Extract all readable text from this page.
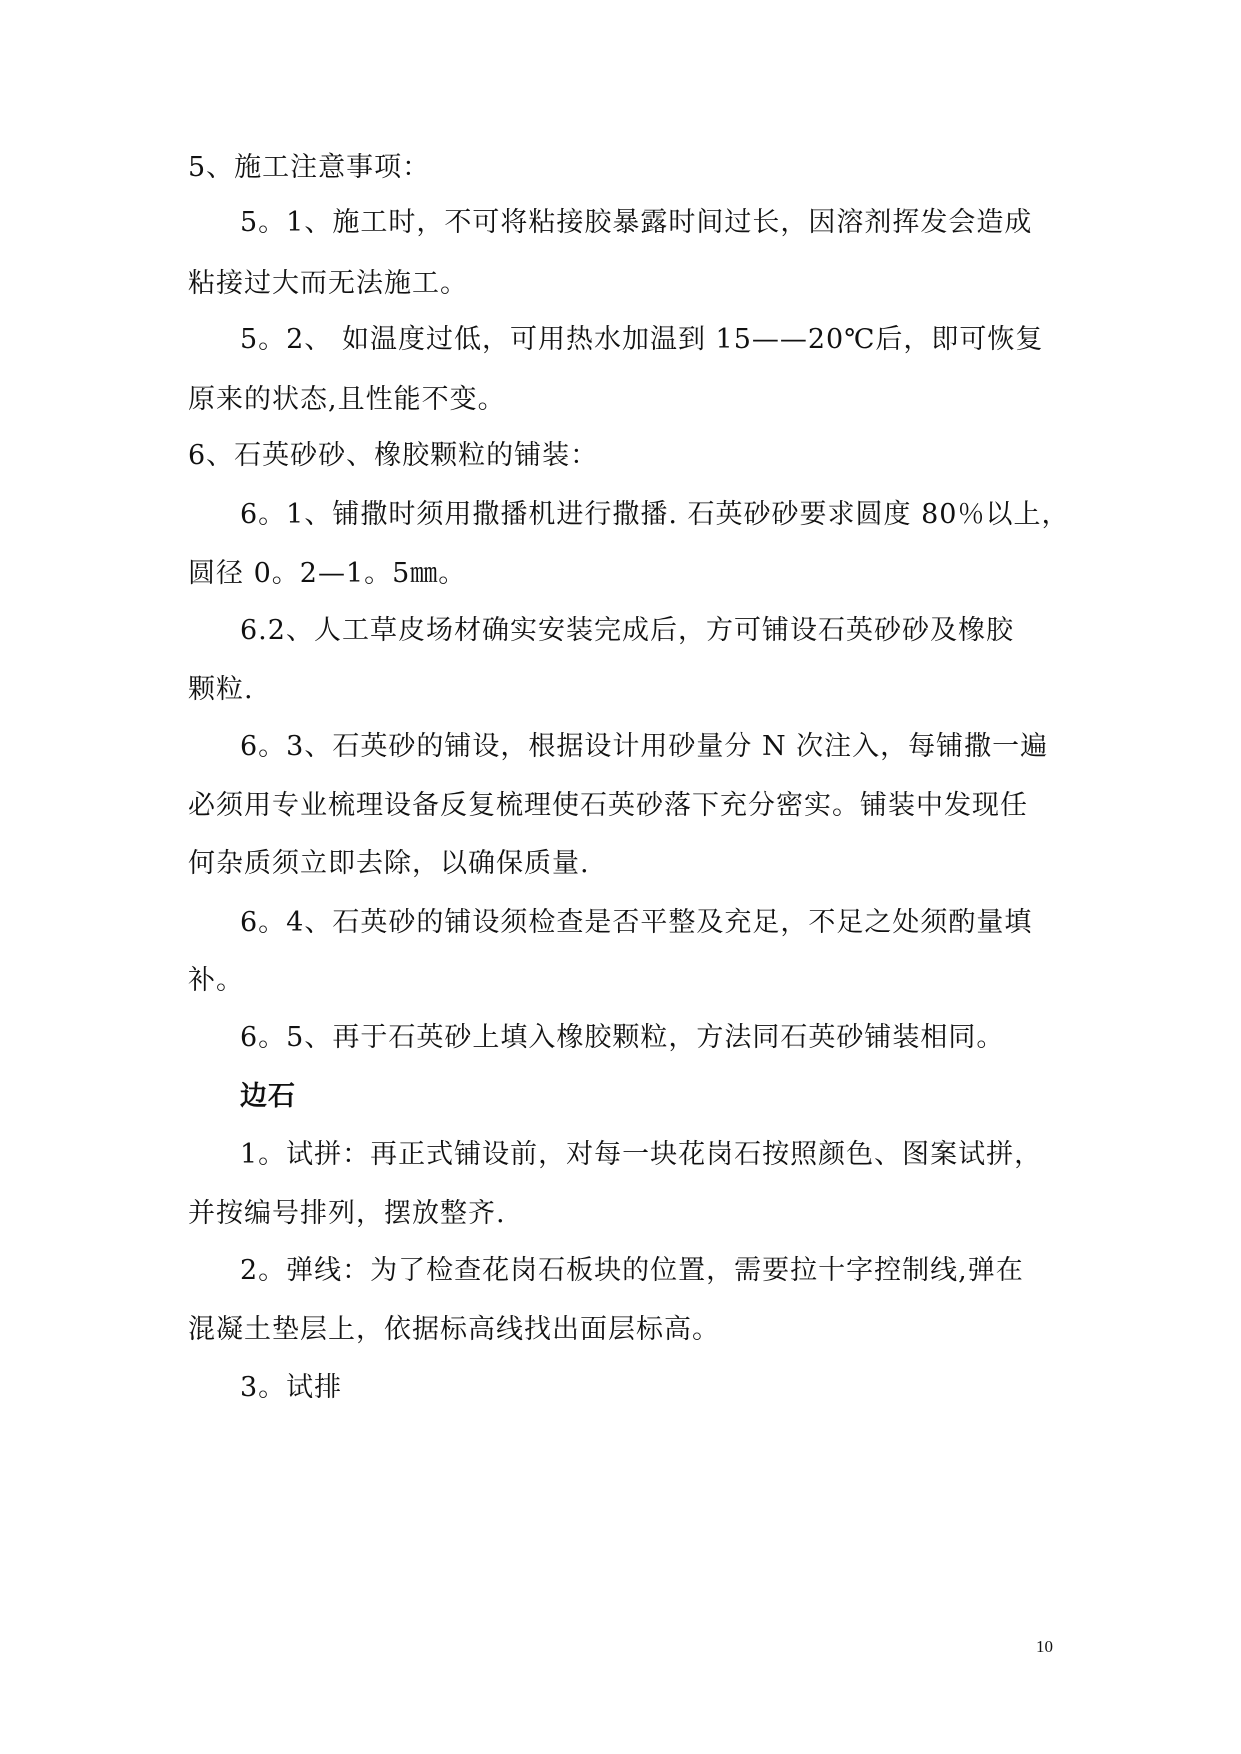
5、施工注意事项：
5。1、施工时，不可将粘接胶暴露时间过长，因溶剂挥发会造成
粘接过大而无法施工。
5。2、 如温度过低，可用热水加温到 15——20℃后，即可恢复
原来的状态,且性能不变。
6、石英砂砂、橡胶颗粒的铺装：
6。1、铺撒时须用撒播机进行撒播. 石英砂砂要求圆度 80％以上，
圆径 0。2—1。5㎜。
6.2、人工草皮场材确实安装完成后，方可铺设石英砂砂及橡胶
颗粒.
6。3、石英砂的铺设，根据设计用砂量分 N 次注入，每铺撒一遍
必须用专业梳理设备反复梳理使石英砂落下充分密实。铺装中发现任
何杂质须立即去除，以确保质量.
6。4、石英砂的铺设须检查是否平整及充足，不足之处须酌量填
补。
6。5、再于石英砂上填入橡胶颗粒，方法同石英砂铺装相同。
边石
1。试拼：再正式铺设前，对每一块花岗石按照颜色、图案试拼，
并按编号排列，摆放整齐.
2。弹线：为了检查花岗石板块的位置，需要拉十字控制线,弹在
混凝土垫层上，依据标高线找出面层标高。
3。试排
10
